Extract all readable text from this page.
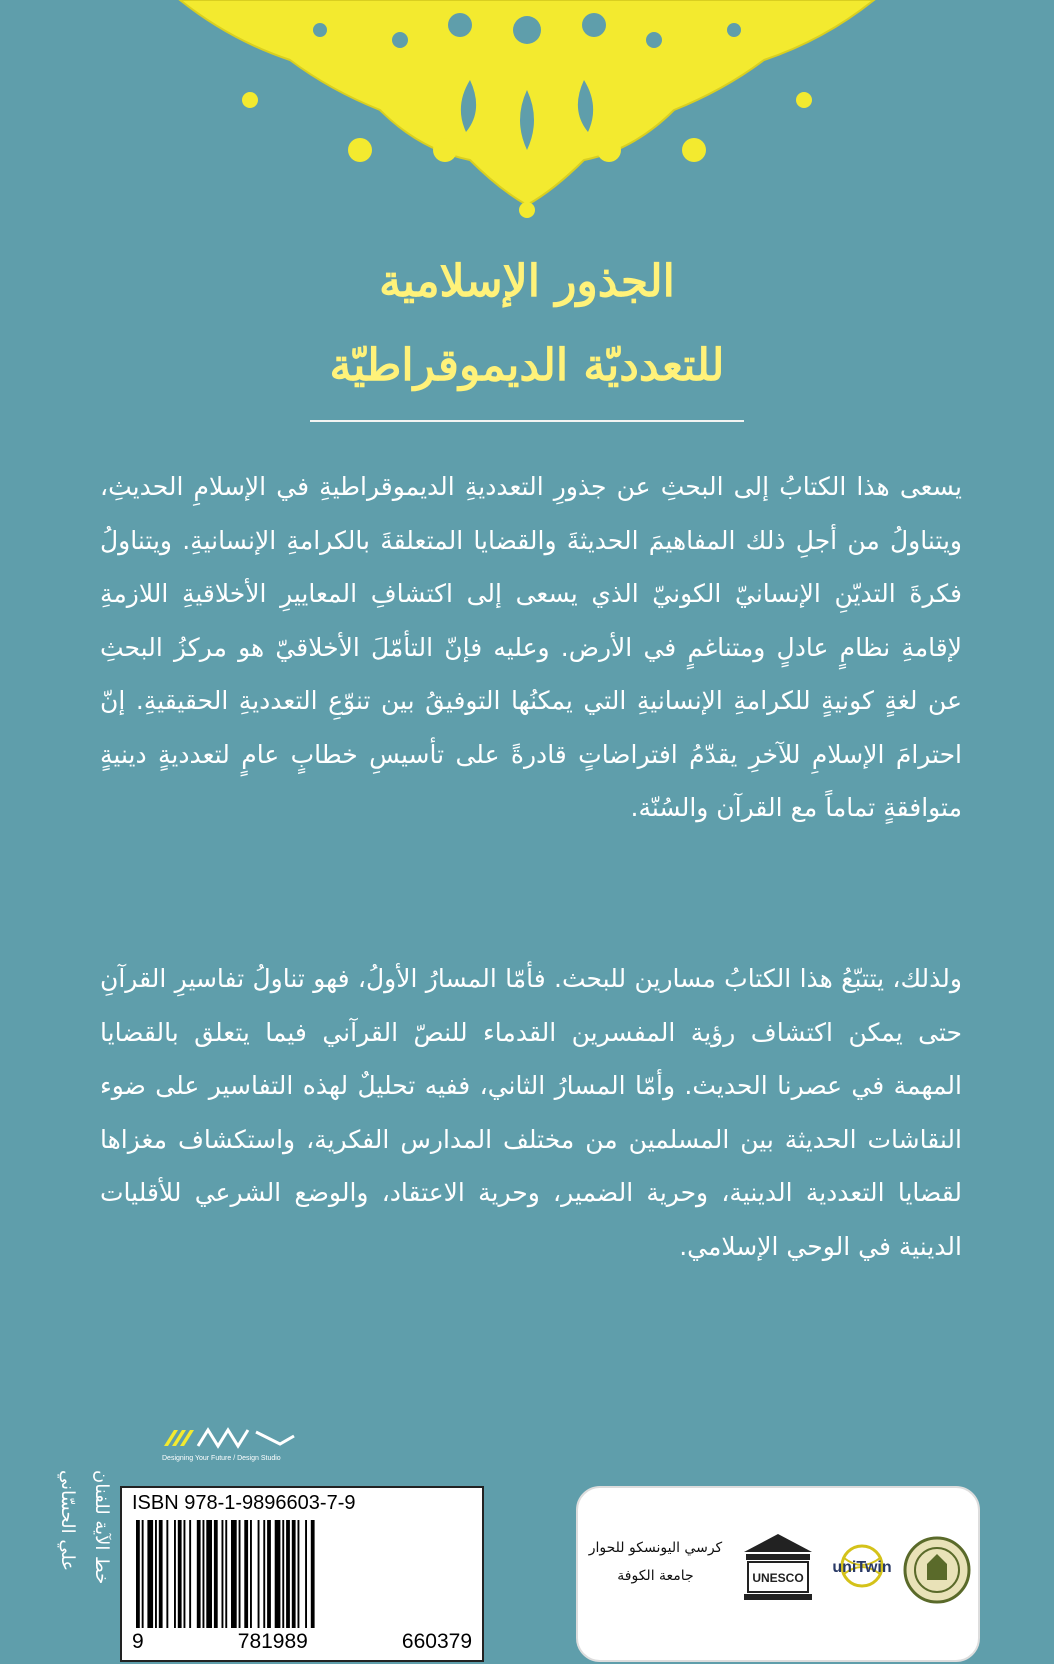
الجذور الإسلامية
للتعدديّة الديموقراطيّة
يسعى هذا الكتابُ إلى البحثِ عن جذورِ التعدديةِ الديموقراطيةِ في الإسلامِ الحديثِ، ويتناولُ من أجلِ ذلك المفاهيمَ الحديثةَ والقضايا المتعلقةَ بالكرامةِ الإنسانيةِ. ويتناولُ فكرةَ التديّنِ الإنسانيّ الكونيّ الذي يسعى إلى اكتشافِ المعاييرِ الأخلاقيةِ اللازمةِ لإقامةِ نظامٍ عادلٍ ومتناغمٍ في الأرض. وعليه فإنّ التأمّلَ الأخلاقيّ هو مركزُ البحثِ عن لغةٍ كونيةٍ للكرامةِ الإنسانيةِ التي يمكنُها التوفيقُ بين تنوّعِ التعدديةِ الحقيقيةِ. إنّ احترامَ الإسلامِ للآخرِ يقدّمُ افتراضاتٍ قادرةً على تأسيسِ خطابٍ عامٍ لتعدديةٍ دينيةٍ متوافقةٍ تماماً مع القرآن والسُنّة.
ولذلك، يتتبّعُ هذا الكتابُ مسارين للبحث. فأمّا المسارُ الأولُ، فهو تناولُ تفاسيرِ القرآنِ حتى يمكن اكتشاف رؤية المفسرين القدماء للنصّ القرآني فيما يتعلق بالقضايا المهمة في عصرنا الحديث. وأمّا المسارُ الثاني، ففيه تحليلٌ لهذه التفاسير على ضوء النقاشات الحديثة بين المسلمين من مختلف المدارس الفكرية، واستكشاف مغزاها لقضايا التعددية الدينية، وحرية الضمير، وحرية الاعتقاد، والوضع الشرعي للأقليات الدينية في الوحي الإسلامي.
Designing Your Future / Design Studio
ISBN 978-1-9896603-7-9
9	781989	660379
خط الآية للفنان
علي الحسّاني	كرسي اليونسكو للحوار
جامعة الكوفة	UNESCO
uniTwin
